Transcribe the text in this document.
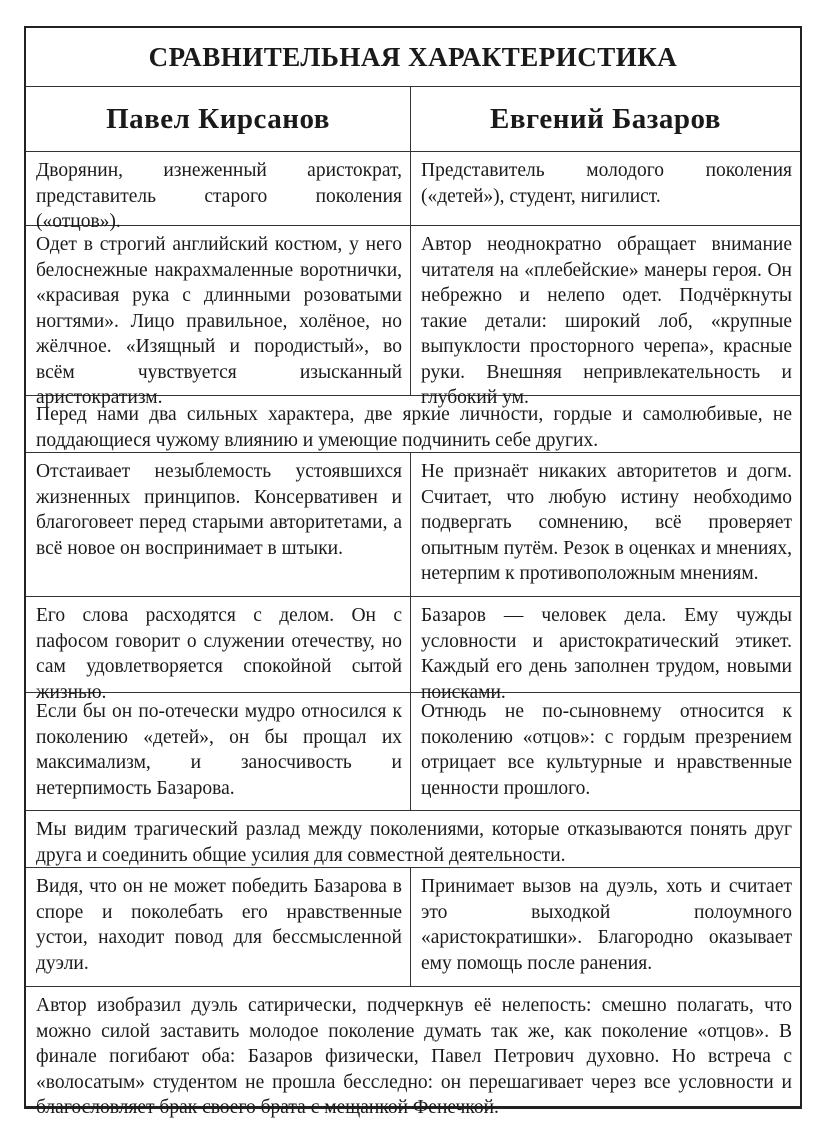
СРАВНИТЕЛЬНАЯ ХАРАКТЕРИСТИКА
Павел Кирсанов	Евгений Базаров
Дворянин, изнеженный аристократ, представитель старого поколения («отцов»).
Представитель молодого поколения («детей»), студент, нигилист.
Одет в строгий английский костюм, у него белоснежные накрахмаленные воротнички, «красивая рука с длинными розоватыми ногтями». Лицо правильное, холёное, но жёлчное. «Изящный и породистый», во всём чувствуется изысканный аристократизм.
Автор неоднократно обращает внимание читателя на «плебейские» манеры героя. Он небрежно и нелепо одет. Подчёркнуты такие детали: широкий лоб, «крупные выпуклости просторного черепа», красные руки. Внешняя непривлекательность и глубокий ум.
Перед нами два сильных характера, две яркие личности, гордые и самолюбивые, не поддающиеся чужому влиянию и умеющие подчинить себе других.
Отстаивает незыблемость устоявшихся жизненных принципов. Консервативен и благоговеет перед старыми авторитетами, а всё новое он воспринимает в штыки.
Не признаёт никаких авторитетов и догм. Считает, что любую истину необходимо подвергать сомнению, всё проверяет опытным путём. Резок в оценках и мнениях, нетерпим к противоположным мнениям.
Его слова расходятся с делом. Он с пафосом говорит о служении отечеству, но сам удовлетворяется спокойной сытой жизнью.
Базаров — человек дела. Ему чужды условности и аристократический этикет. Каждый его день заполнен трудом, новыми поисками.
Если бы он по-отечески мудро относился к поколению «детей», он бы прощал их максимализм, и заносчивость и нетерпимость Базарова.
Отнюдь не по-сыновнему относится к поколению «отцов»: с гордым презрением отрицает все культурные и нравственные ценности прошлого.
Мы видим трагический разлад между поколениями, которые отказываются понять друг друга и соединить общие усилия для совместной деятельности.
Видя, что он не может победить Базарова в споре и поколебать его нравственные устои, находит повод для бессмысленной дуэли.
Принимает вызов на дуэль, хоть и считает это выходкой полоумного «аристократишки». Благородно оказывает ему помощь после ранения.
Автор изобразил дуэль сатирически, подчеркнув её нелепость: смешно полагать, что можно силой заставить молодое поколение думать так же, как поколение «отцов». В финале погибают оба: Базаров физически, Павел Петрович духовно. Но встреча с «волосатым» студентом не прошла бесследно: он перешагивает через все условности и благословляет брак своего брата с мещанкой Фенечкой.
